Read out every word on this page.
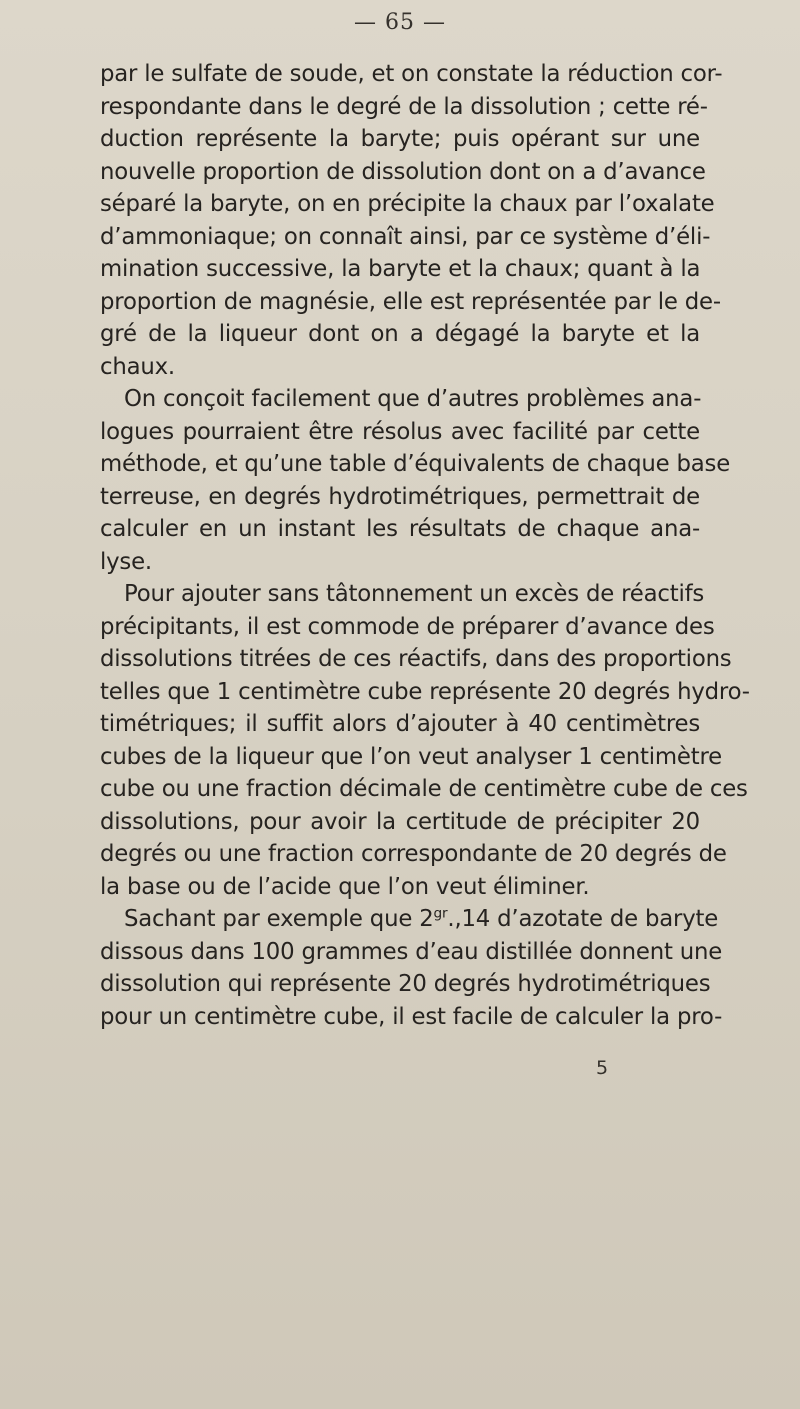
— 65 —
par le sulfate de soude, et on constate la réduction cor-
respondante dans le degré de la dissolution ; cette ré-
duction représente la baryte; puis opérant sur une
nouvelle proportion de dissolution dont on a d’avance
séparé la baryte, on en précipite la chaux par l’oxalate
d’ammoniaque; on connaît ainsi, par ce système d’éli-
mination successive, la baryte et la chaux; quant à la
proportion de magnésie, elle est représentée par le de-
gré de la liqueur dont on a dégagé la baryte et la
chaux.
On conçoit facilement que d’autres problèmes ana-
logues pourraient être résolus avec facilité par cette
méthode, et qu’une table d’équivalents de chaque base
terreuse, en degrés hydrotimétriques, permettrait de
calculer en un instant les résultats de chaque ana-
lyse.
Pour ajouter sans tâtonnement un excès de réactifs
précipitants, il est commode de préparer d’avance des
dissolutions titrées de ces réactifs, dans des proportions
telles que 1 centimètre cube représente 20 degrés hydro-
timétriques; il suffit alors d’ajouter à 40 centimètres
cubes de la liqueur que l’on veut analyser 1 centimètre
cube ou une fraction décimale de centimètre cube de ces
dissolutions, pour avoir la certitude de précipiter 20
degrés ou une fraction correspondante de 20 degrés de
la base ou de l’acide que l’on veut éliminer.
Sachant par exemple que $2^{gr}.,14$ d’azotate de baryte
dissous dans 100 grammes d’eau distillée donnent une
dissolution qui représente 20 degrés hydrotimétriques
pour un centimètre cube, il est facile de calculer la pro-
5
